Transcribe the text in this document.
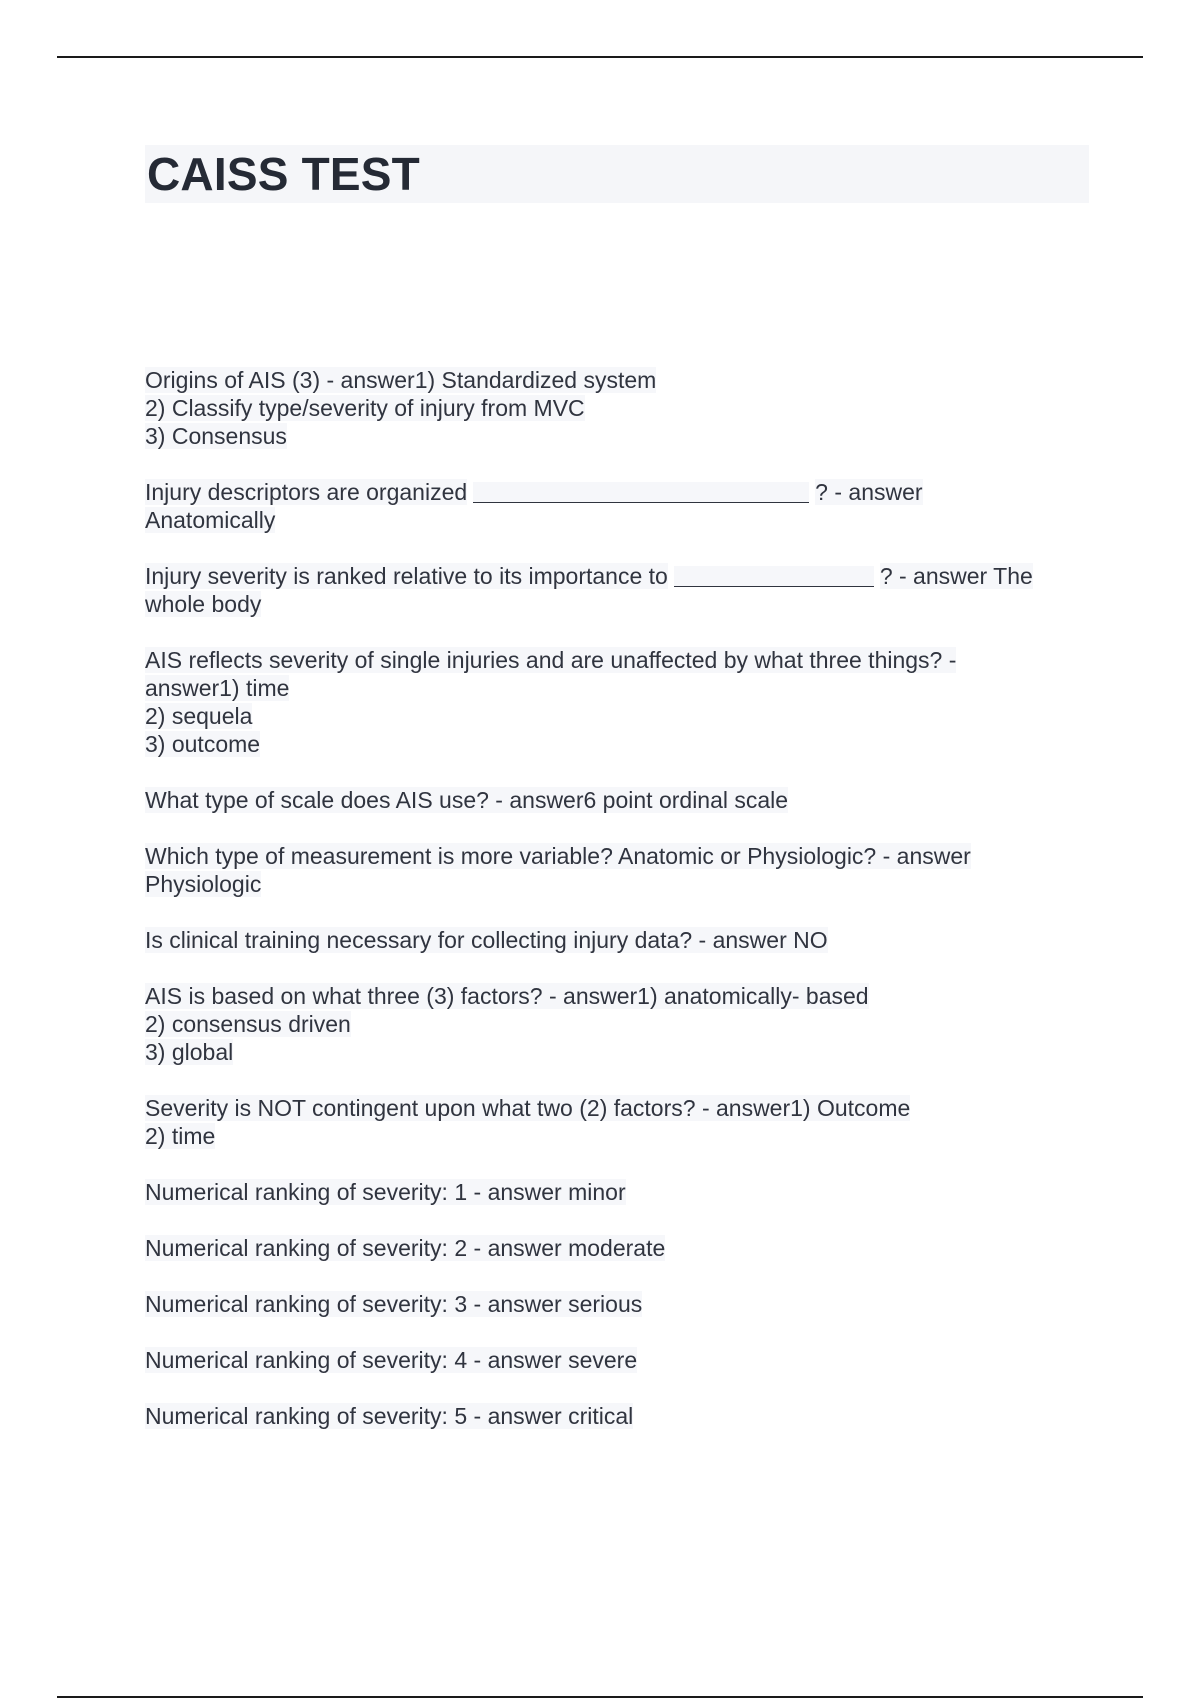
CAISS TEST
Origins of AIS (3) - answer1) Standardized system
2) Classify type/severity of injury from MVC
3) Consensus
Injury descriptors are organized	? - answer
Anatomically
Injury severity is ranked relative to its importance to	? - answer The
whole body
AIS reflects severity of single injuries and are unaffected by what three things? -
answer1) time
2) sequela
3) outcome
What type of scale does AIS use? - answer6 point ordinal scale
Which type of measurement is more variable? Anatomic or Physiologic? - answer
Physiologic
Is clinical training necessary for collecting injury data? - answer NO
AIS is based on what three (3) factors? - answer1) anatomically- based
2) consensus driven
3) global
Severity is NOT contingent upon what two (2) factors? - answer1) Outcome
2) time
Numerical ranking of severity: 1 - answer minor
Numerical ranking of severity: 2 - answer moderate
Numerical ranking of severity: 3 - answer serious
Numerical ranking of severity: 4 - answer severe
Numerical ranking of severity: 5 - answer critical
